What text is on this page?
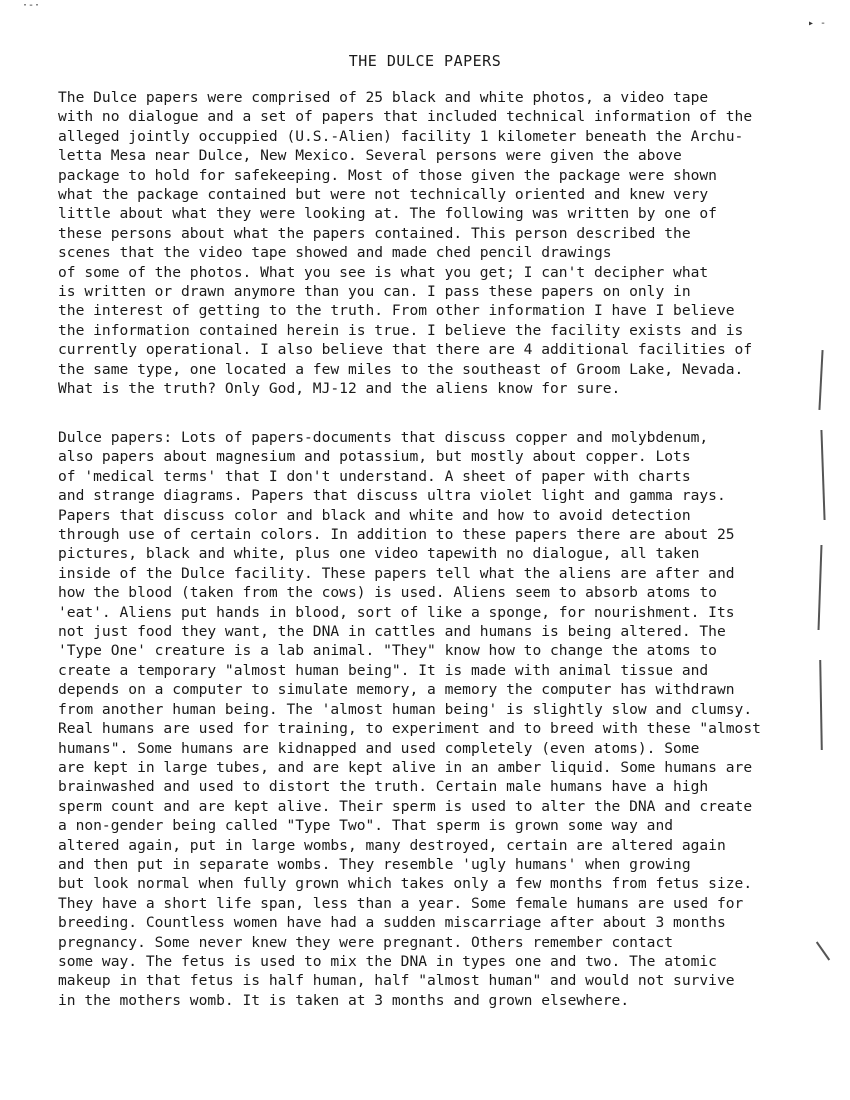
THE DULCE PAPERS
The Dulce papers were comprised of 25 black and white photos, a video tape
with no dialogue and a set of papers that included technical information of the
alleged jointly occuppied (U.S.-Alien) facility 1 kilometer beneath the Archu-
letta Mesa near Dulce, New Mexico. Several persons were given the above
package to hold for safekeeping. Most of those given the package were shown
what the package contained but were not technically oriented and knew very
little about what they were looking at. The following was written by one of
these persons about what the papers contained. This person described the
scenes that the video tape showed and made ched pencil drawings
of some of the photos. What you see is what you get; I can't decipher what
is written or drawn anymore than you can. I pass these papers on only in
the interest of getting to the truth. From other information I have I believe
the information contained herein is true. I believe the facility exists and is
currently operational. I also believe that there are 4 additional facilities of
the same type, one located a few miles to the southeast of Groom Lake, Nevada.
What is the truth? Only God, MJ-12 and the aliens know for sure.
Dulce papers: Lots of papers-documents that discuss copper and molybdenum,
also papers about magnesium and potassium, but mostly about copper. Lots
of 'medical terms' that I don't understand. A sheet of paper with charts
and strange diagrams. Papers that discuss ultra violet light and gamma rays.
Papers that discuss color and black and white and how to avoid detection
through use of certain colors. In addition to these papers there are about 25
pictures, black and white, plus one video tapewith no dialogue, all taken
inside of the Dulce facility. These papers tell what the aliens are after and
how the blood (taken from the cows) is used. Aliens seem to absorb atoms to
'eat'. Aliens put hands in blood, sort of like a sponge, for nourishment. Its
not just food they want, the DNA in cattles and humans is being altered. The
'Type One' creature is a lab animal. "They" know how to change the atoms to
create a temporary "almost human being". It is made with animal tissue and
depends on a computer to simulate memory, a memory the computer has withdrawn
from another human being. The 'almost human being' is slightly slow and clumsy.
Real humans are used for training, to experiment and to breed with these "almost
humans". Some humans are kidnapped and used completely (even atoms). Some
are kept in large tubes, and are kept alive in an amber liquid. Some humans are
brainwashed and used to distort the truth. Certain male humans have a high
sperm count and are kept alive. Their sperm is used to alter the DNA and create
a non-gender being called "Type Two". That sperm is grown some way and
altered again, put in large wombs, many destroyed, certain are altered again
and then put in separate wombs. They resemble 'ugly humans' when growing
but look normal when fully grown which takes only a few months from fetus size.
They have a short life span, less than a year. Some female humans are used for
breeding. Countless women have had a sudden miscarriage after about 3 months
pregnancy. Some never knew they were pregnant. Others remember contact
some way. The fetus is used to mix the DNA in types one and two. The atomic
makeup in that fetus is half human, half "almost human" and would not survive
in the mothers womb. It is taken at 3 months and grown elsewhere.
·-·
▸ -
